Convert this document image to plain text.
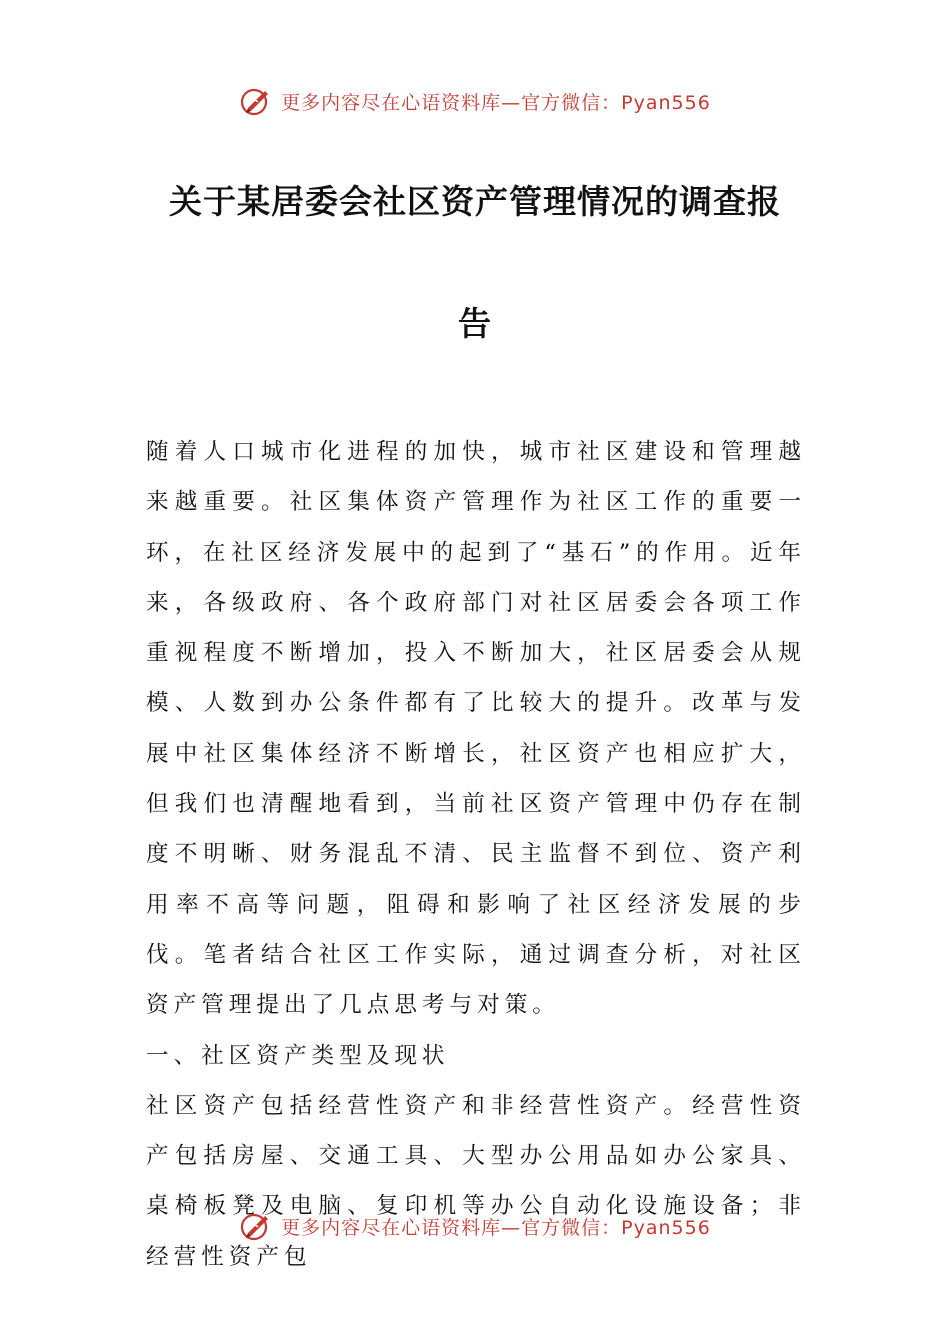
更多内容尽在心语资料库—官方微信：Pyan556
关于某居委会社区资产管理情况的调查报
告

随着人口城市化进程的加快，城市社区建设和管理越来越重要。社区集体资产管理作为社区工作的重要一环，在社区经济发展中的起到了“基石”的作用。近年来，各级政府、各个政府部门对社区居委会各项工作重视程度不断增加，投入不断加大，社区居委会从规模、人数到办公条件都有了比较大的提升。改革与发展中社区集体经济不断增长，社区资产也相应扩大，但我们也清醒地看到，当前社区资产管理中仍存在制度不明晰、财务混乱不清、民主监督不到位、资产利用率不高等问题，阻碍和影响了社区经济发展的步伐。笔者结合社区工作实际，通过调查分析，对社区资产管理提出了几点思考与对策。

一、社区资产类型及现状

社区资产包括经营性资产和非经营性资产。经营性资产包括房屋、交通工具、大型办公用品如办公家具、桌椅板凳及电脑、复印机等办公自动化设施设备；非经营性资产包

更多内容尽在心语资料库—官方微信：Pyan556
